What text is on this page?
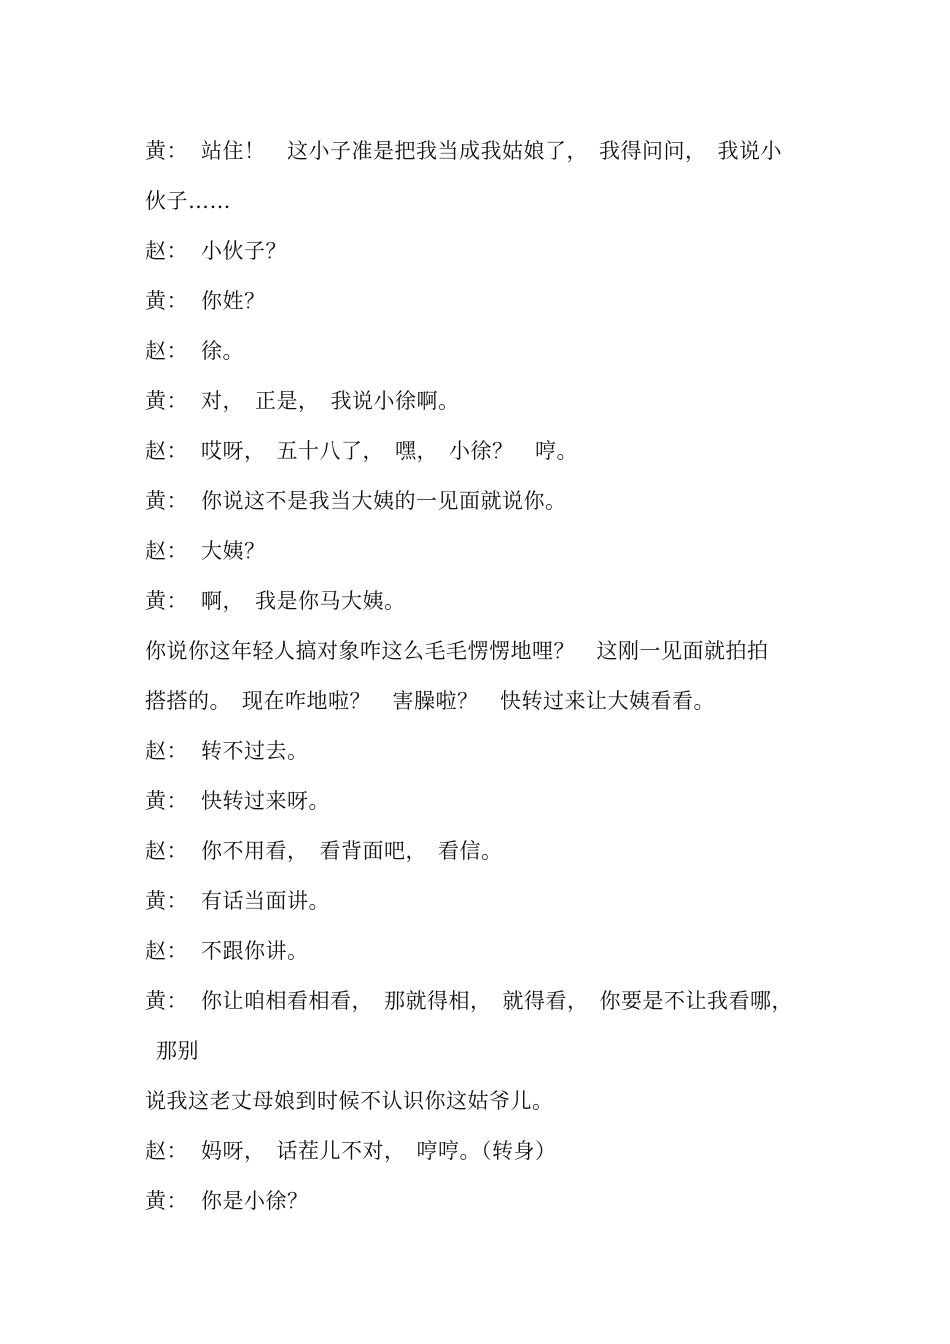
黄： 站住！　这小子准是把我当成我姑娘了，　我得问问，　我说小
伙子……
赵： 小伙子？
黄： 你姓？
赵： 徐。
黄： 对，　正是，　我说小徐啊。
赵： 哎呀，　五十八了，　嘿，　小徐？　哼。
黄： 你说这不是我当大姨的一见面就说你。
赵： 大姨？
黄： 啊，　我是你马大姨。
你说你这年轻人搞对象咋这么毛毛愣愣地哩？　这刚一见面就拍拍
搭搭的。　现在咋地啦？　害臊啦？　快转过来让大姨看看。
赵： 转不过去。
黄： 快转过来呀。
赵： 你不用看，　看背面吧，　看信。
黄： 有话当面讲。
赵： 不跟你讲。
黄： 你让咱相看相看，　那就得相，　就得看，　你要是不让我看哪，
那别
说我这老丈母娘到时候不认识你这姑爷儿。
赵： 妈呀，　话茬儿不对，　哼哼。（转身）
黄： 你是小徐？
